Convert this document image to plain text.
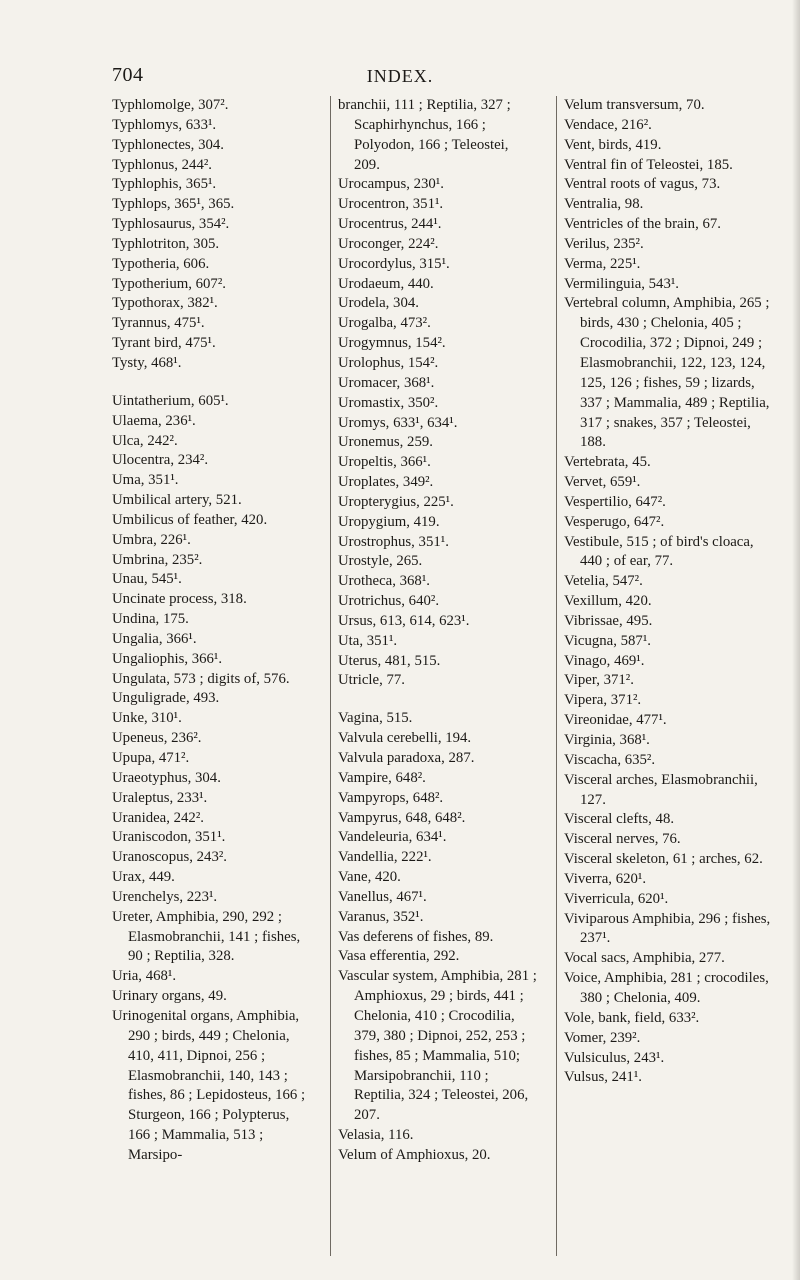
704	INDEX.
Typhlomolge, 307².
Typhlomys, 633¹.
Typhlonectes, 304.
Typhlonus, 244².
Typhlophis, 365¹.
Typhlops, 365¹, 365.
Typhlosaurus, 354².
Typhlotriton, 305.
Typotheria, 606.
Typotherium, 607².
Typothorax, 382¹.
Tyrannus, 475¹.
Tyrant bird, 475¹.
Tysty, 468¹.
Uintatherium, 605¹.
Ulaema, 236¹.
Ulca, 242².
Ulocentra, 234².
Uma, 351¹.
Umbilical artery, 521.
Umbilicus of feather, 420.
Umbra, 226¹.
Umbrina, 235².
Unau, 545¹.
Uncinate process, 318.
Undina, 175.
Ungalia, 366¹.
Ungaliophis, 366¹.
Ungulata, 573 ; digits of, 576.
Unguligrade, 493.
Unke, 310¹.
Upeneus, 236².
Upupa, 471².
Uraeotyphus, 304.
Uraleptus, 233¹.
Uranidea, 242².
Uraniscodon, 351¹.
Uranoscopus, 243².
Urax, 449.
Urenchelys, 223¹.
Ureter, Amphibia, 290, 292 ; Elasmobranchii, 141 ; fishes, 90 ; Reptilia, 328.
Uria, 468¹.
Urinary organs, 49.
Urinogenital organs, Amphibia, 290 ; birds, 449 ; Chelonia, 410, 411, Dipnoi, 256 ; Elasmobranchii, 140, 143 ; fishes, 86 ; Lepidosteus, 166 ; Sturgeon, 166 ; Polypterus, 166 ; Mammalia, 513 ; Marsipo-
branchii, 111 ; Reptilia, 327 ; Scaphirhynchus, 166 ; Polyodon, 166 ; Teleostei, 209.
Urocampus, 230¹.
Urocentron, 351¹.
Urocentrus, 244¹.
Uroconger, 224².
Urocordylus, 315¹.
Urodaeum, 440.
Urodela, 304.
Urogalba, 473².
Urogymnus, 154².
Urolophus, 154².
Uromacer, 368¹.
Uromastix, 350².
Uromys, 633¹, 634¹.
Uronemus, 259.
Uropeltis, 366¹.
Uroplates, 349².
Uropterygius, 225¹.
Uropygium, 419.
Urostrophus, 351¹.
Urostyle, 265.
Urotheca, 368¹.
Urotrichus, 640².
Ursus, 613, 614, 623¹.
Uta, 351¹.
Uterus, 481, 515.
Utricle, 77.
Vagina, 515.
Valvula cerebelli, 194.
Valvula paradoxa, 287.
Vampire, 648².
Vampyrops, 648².
Vampyrus, 648, 648².
Vandeleuria, 634¹.
Vandellia, 222¹.
Vane, 420.
Vanellus, 467¹.
Varanus, 352¹.
Vas deferens of fishes, 89.
Vasa efferentia, 292.
Vascular system, Amphibia, 281 ; Amphioxus, 29 ; birds, 441 ; Chelonia, 410 ; Crocodilia, 379, 380 ; Dipnoi, 252, 253 ; fishes, 85 ; Mammalia, 510; Marsipobranchii, 110 ; Reptilia, 324 ; Teleostei, 206, 207.
Velasia, 116.
Velum of Amphioxus, 20.
Velum transversum, 70.
Vendace, 216².
Vent, birds, 419.
Ventral fin of Teleostei, 185.
Ventral roots of vagus, 73.
Ventralia, 98.
Ventricles of the brain, 67.
Verilus, 235².
Verma, 225¹.
Vermilinguia, 543¹.
Vertebral column, Amphibia, 265 ; birds, 430 ; Chelonia, 405 ; Crocodilia, 372 ; Dipnoi, 249 ; Elasmobranchii, 122, 123, 124, 125, 126 ; fishes, 59 ; lizards, 337 ; Mammalia, 489 ; Reptilia, 317 ; snakes, 357 ; Teleostei, 188.
Vertebrata, 45.
Vervet, 659¹.
Vespertilio, 647².
Vesperugo, 647².
Vestibule, 515 ; of bird's cloaca, 440 ; of ear, 77.
Vetelia, 547².
Vexillum, 420.
Vibrissae, 495.
Vicugna, 587¹.
Vinago, 469¹.
Viper, 371².
Vipera, 371².
Vireonidae, 477¹.
Virginia, 368¹.
Viscacha, 635².
Visceral arches, Elasmobranchii, 127.
Visceral clefts, 48.
Visceral nerves, 76.
Visceral skeleton, 61 ; arches, 62.
Viverra, 620¹.
Viverricula, 620¹.
Viviparous Amphibia, 296 ; fishes, 237¹.
Vocal sacs, Amphibia, 277.
Voice, Amphibia, 281 ; crocodiles, 380 ; Chelonia, 409.
Vole, bank, field, 633².
Vomer, 239².
Vulsiculus, 243¹.
Vulsus, 241¹.
